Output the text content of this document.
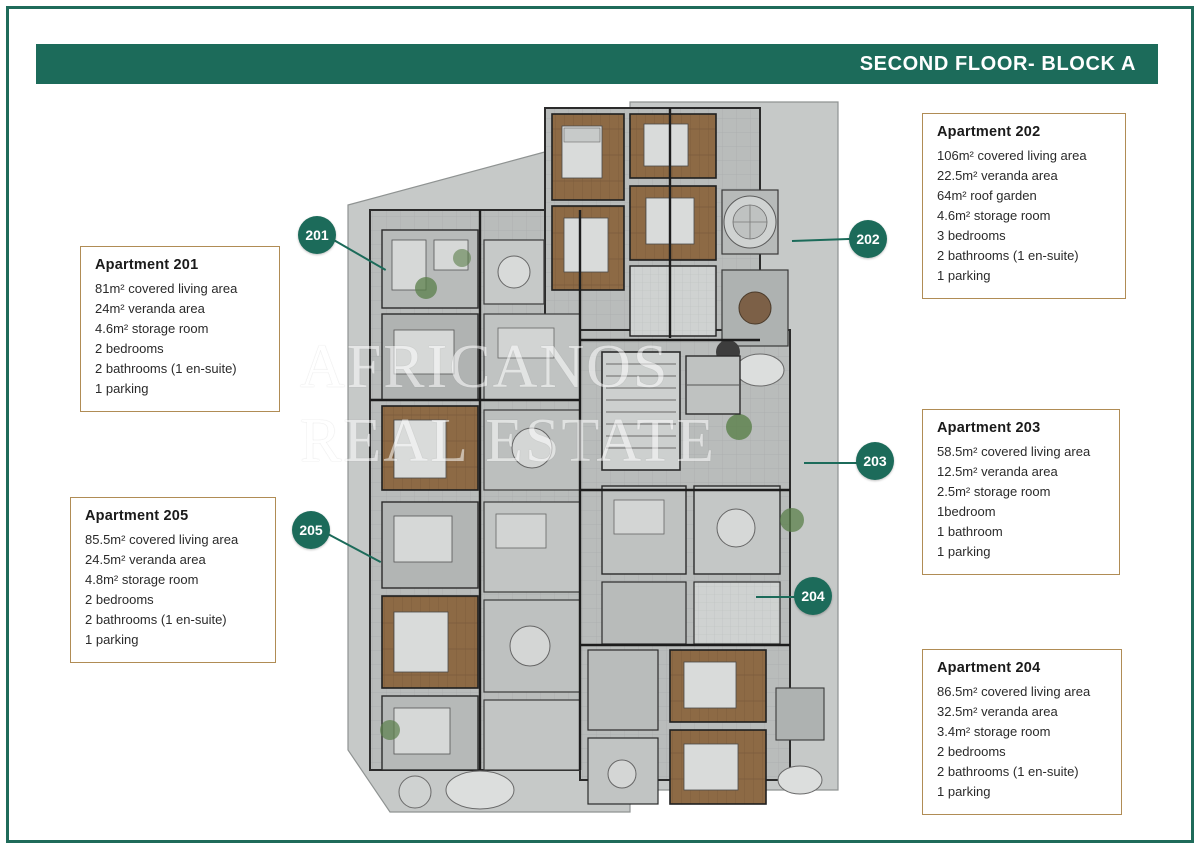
SECOND FLOOR- BLOCK A
AFRICANOS
REAL ESTATE
201	202
203
204
205
Apartment 201
81m² covered living area
24m² veranda area
4.6m² storage room
2 bedrooms
2 bathrooms (1 en-suite)
1 parking
Apartment 202
106m² covered living area
22.5m² veranda area
64m² roof garden
4.6m² storage room
3 bedrooms
2 bathrooms (1 en-suite)
1 parking
Apartment 203
58.5m² covered living area
12.5m² veranda area
2.5m² storage room
1bedroom
1 bathroom
1 parking
Apartment 204
86.5m² covered living area
32.5m² veranda area
3.4m² storage room
2 bedrooms
2 bathrooms (1 en-suite)
1 parking
Apartment 205
85.5m² covered living area
24.5m² veranda area
4.8m² storage room
2 bedrooms
2 bathrooms (1 en-suite)
1 parking
